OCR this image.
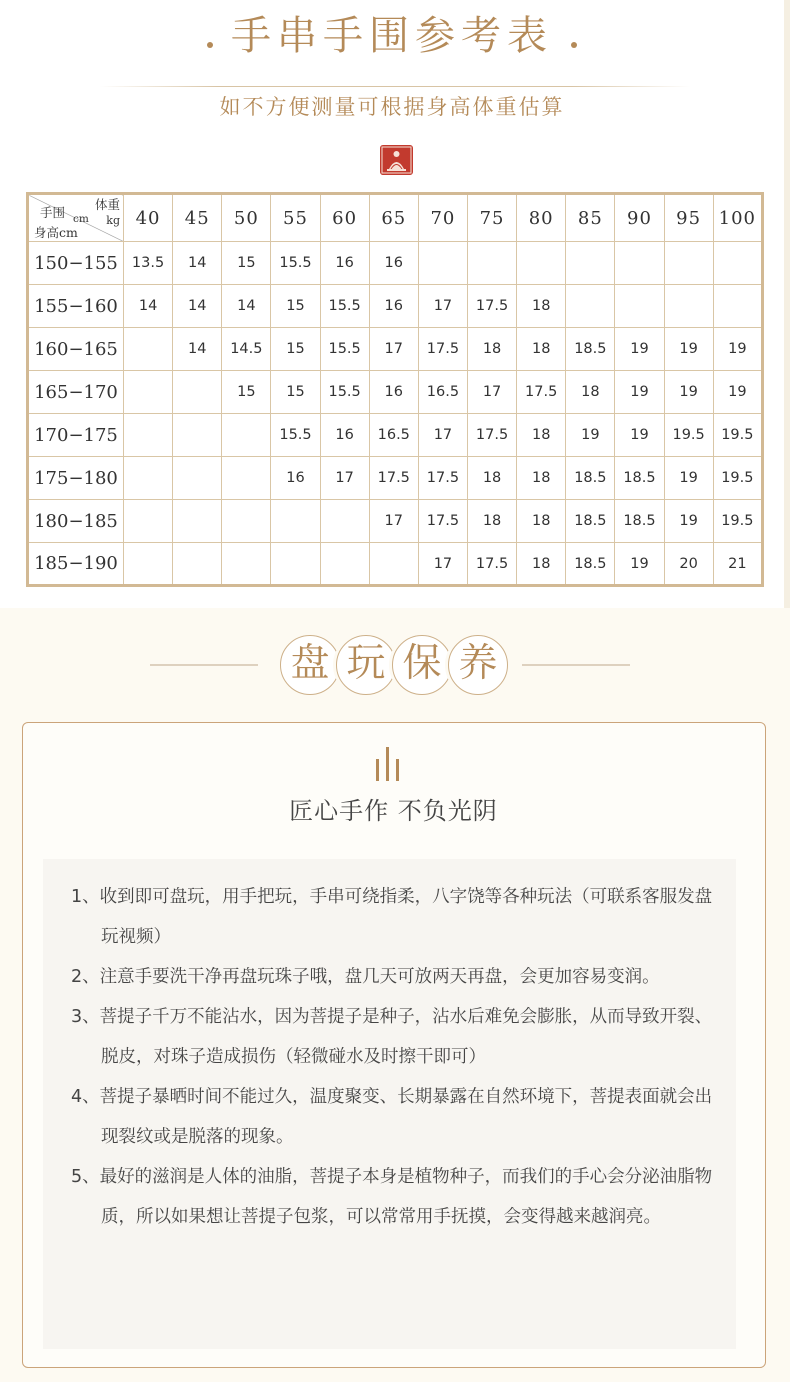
手串手围参考表
如不方便测量可根据身高体重估算
体重
kg
手围 cm
身高cm	40	45	50	55	60	65	70	75	80	85	90	95	100
150−155	13.5	14	15	15.5	16	16							
155−160	14	14	14	15	15.5	16	17	17.5	18				
160−165		14	14.5	15	15.5	17	17.5	18	18	18.5	19	19	19
165−170			15	15	15.5	16	16.5	17	17.5	18	19	19	19
170−175				15.5	16	16.5	17	17.5	18	19	19	19.5	19.5
175−180				16	17	17.5	17.5	18	18	18.5	18.5	19	19.5
180−185						17	17.5	18	18	18.5	18.5	19	19.5
185−190							17	17.5	18	18.5	19	20	21
盘 玩 保 养
匠心手作 不负光阴
1、收到即可盘玩，用手把玩，手串可绕指柔，八字饶等各种玩法（可联系客服发盘玩视频）
2、注意手要洗干净再盘玩珠子哦，盘几天可放两天再盘，会更加容易变润。
3、菩提子千万不能沾水，因为菩提子是种子，沾水后难免会膨胀，从而导致开裂、脱皮，对珠子造成损伤（轻微碰水及时擦干即可）
4、菩提子暴晒时间不能过久，温度聚变、长期暴露在自然环境下，菩提表面就会出现裂纹或是脱落的现象。
5、最好的滋润是人体的油脂，菩提子本身是植物种子，而我们的手心会分泌油脂物质，所以如果想让菩提子包浆，可以常常用手抚摸，会变得越来越润亮。
